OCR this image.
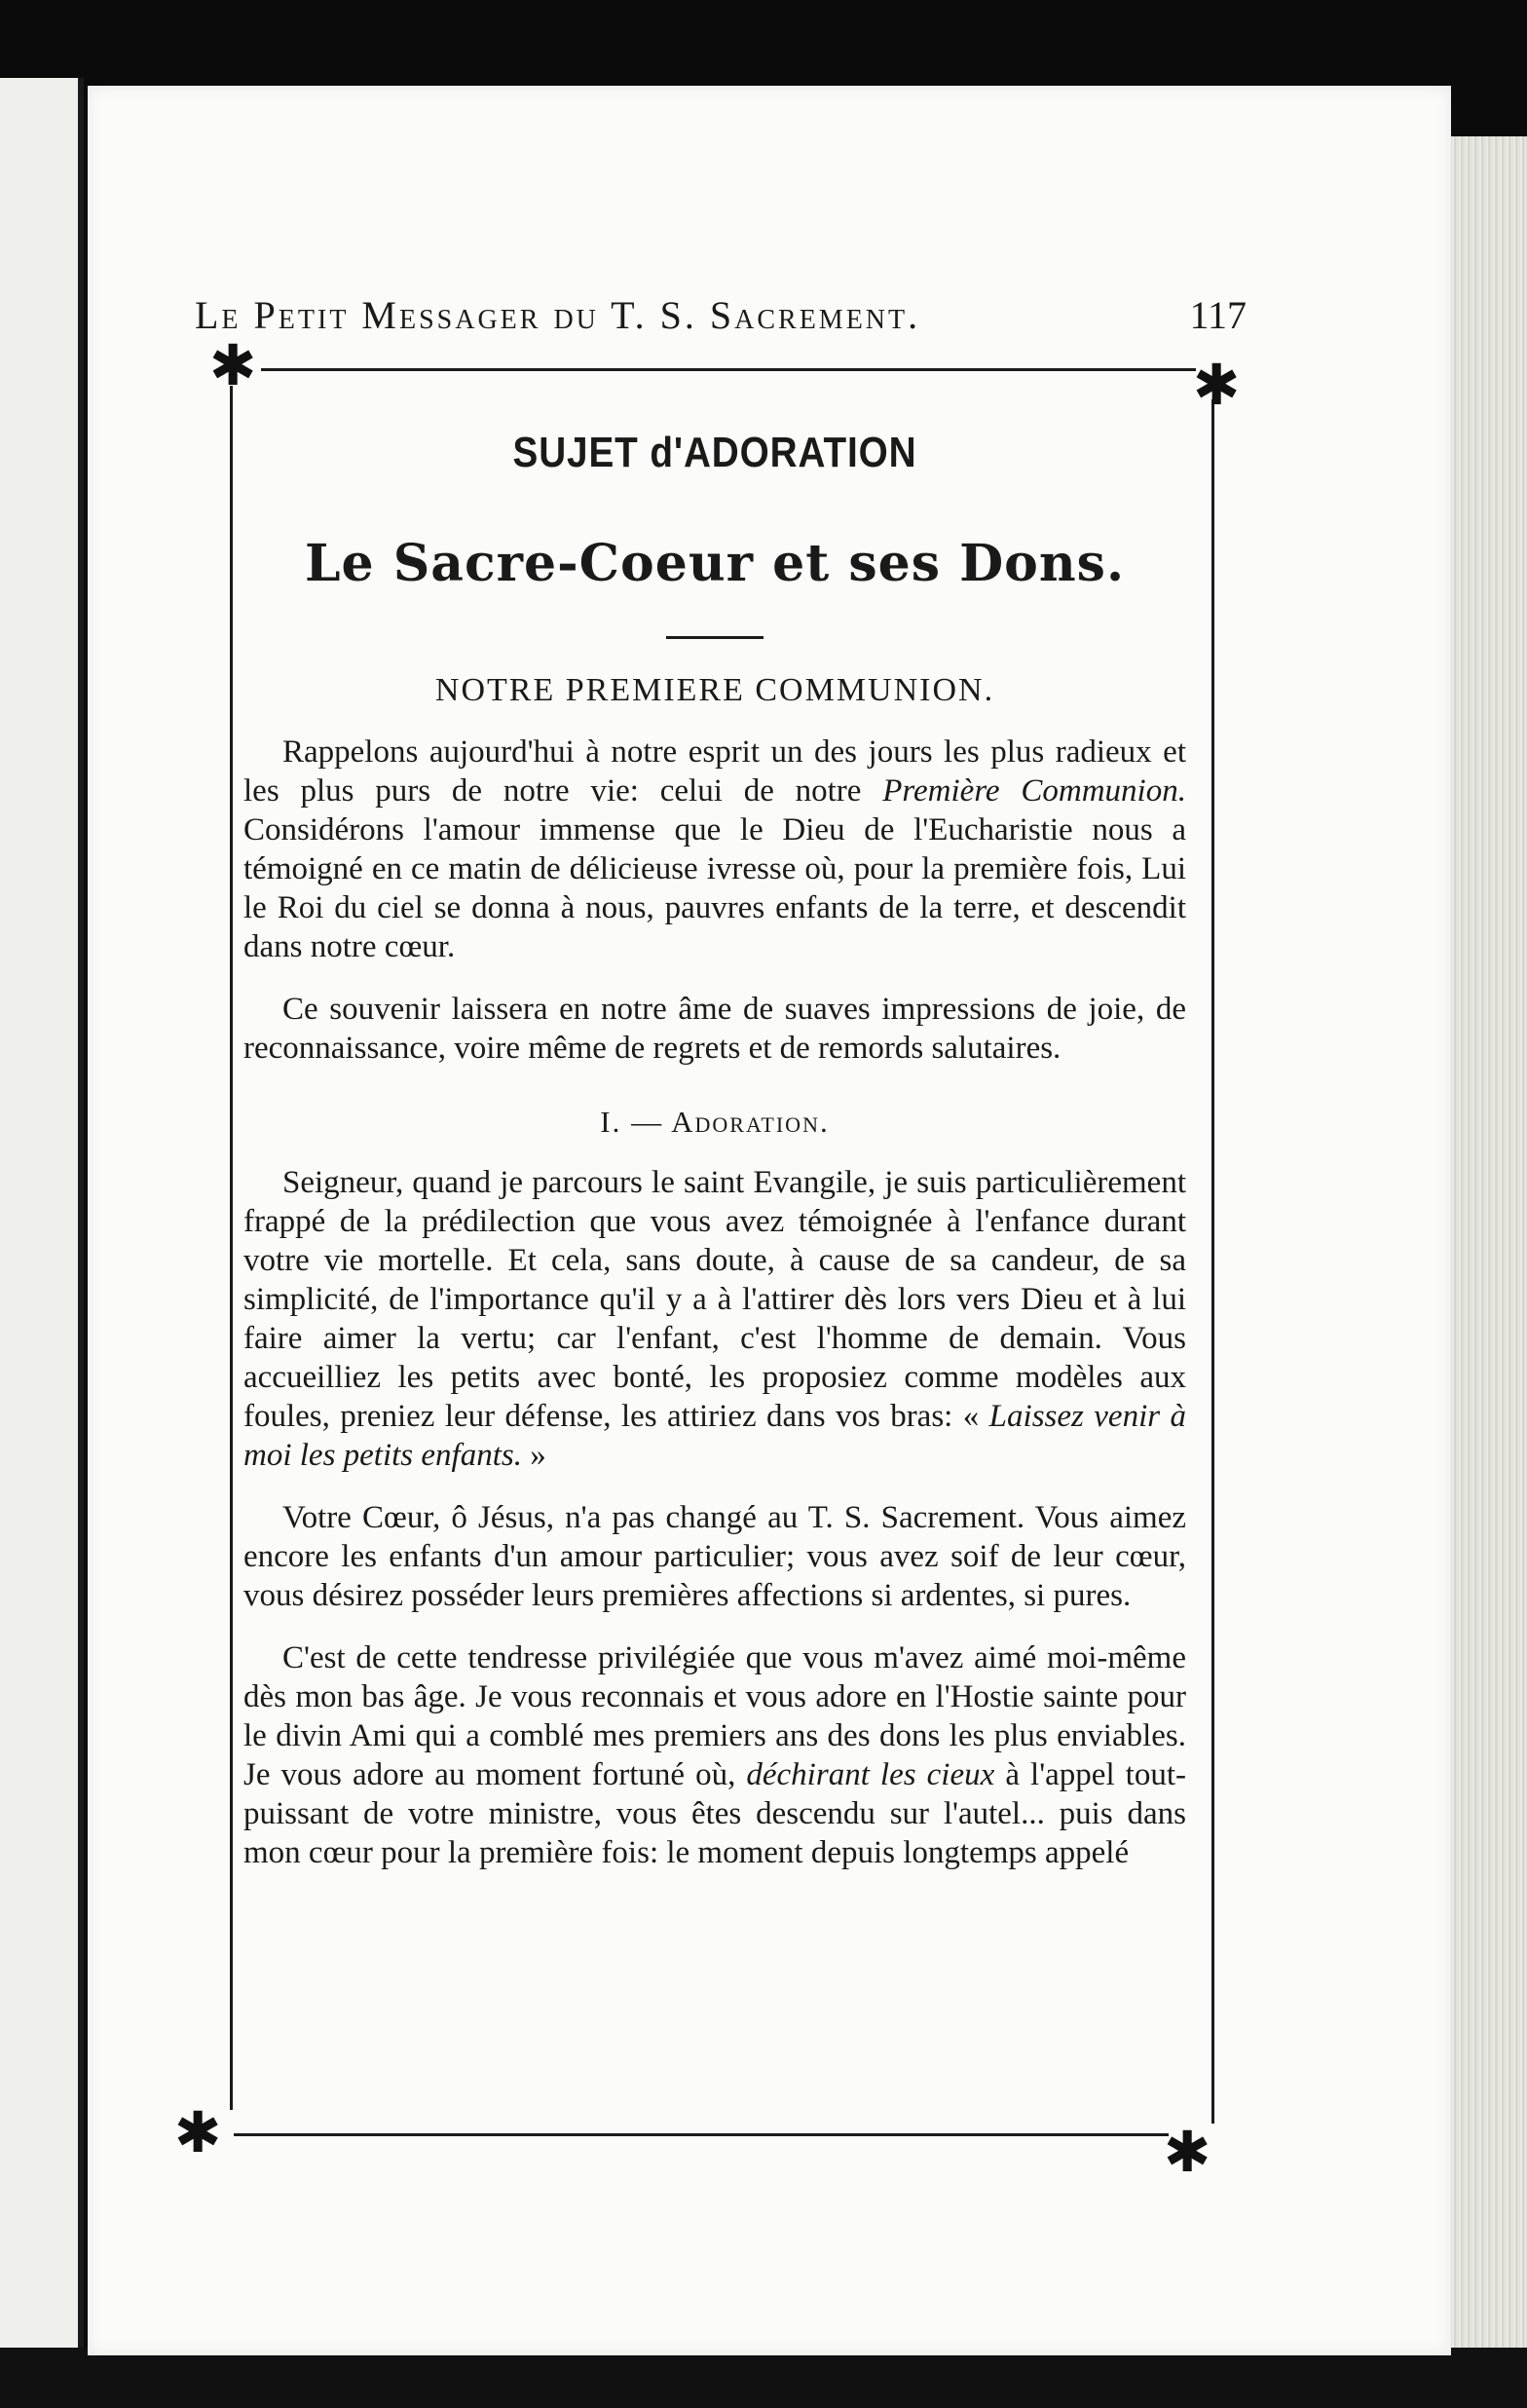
Le Petit Messager du T. S. Sacrement.	117
✱	✱
✱	✱
SUJET d'ADORATION
Le Sacre-Coeur et ses Dons.
NOTRE PREMIERE COMMUNION.

Rappelons aujourd'hui à notre esprit un des jours les plus radieux et les plus purs de notre vie: celui de notre Première Communion. Considérons l'amour immense que le Dieu de l'Eucharistie nous a témoigné en ce matin de délicieuse ivresse où, pour la première fois, Lui le Roi du ciel se donna à nous, pauvres enfants de la terre, et descendit dans notre cœur.

Ce souvenir laissera en notre âme de suaves impressions de joie, de reconnaissance, voire même de regrets et de remords salutaires.

I. — Adoration.

Seigneur, quand je parcours le saint Evangile, je suis particulièrement frappé de la prédilection que vous avez témoignée à l'enfance durant votre vie mortelle. Et cela, sans doute, à cause de sa candeur, de sa simplicité, de l'importance qu'il y a à l'attirer dès lors vers Dieu et à lui faire aimer la vertu; car l'enfant, c'est l'homme de demain. Vous accueilliez les petits avec bonté, les proposiez comme modèles aux foules, preniez leur défense, les attiriez dans vos bras: « Laissez venir à moi les petits enfants. »

Votre Cœur, ô Jésus, n'a pas changé au T. S. Sacrement. Vous aimez encore les enfants d'un amour particulier; vous avez soif de leur cœur, vous désirez posséder leurs premières affections si ardentes, si pures.

C'est de cette tendresse privilégiée que vous m'avez aimé moi-même dès mon bas âge. Je vous reconnais et vous adore en l'Hostie sainte pour le divin Ami qui a comblé mes premiers ans des dons les plus enviables. Je vous adore au moment fortuné où, déchirant les cieux à l'appel tout-puissant de votre ministre, vous êtes descendu sur l'autel... puis dans mon cœur pour la première fois: le moment depuis longtemps appelé
